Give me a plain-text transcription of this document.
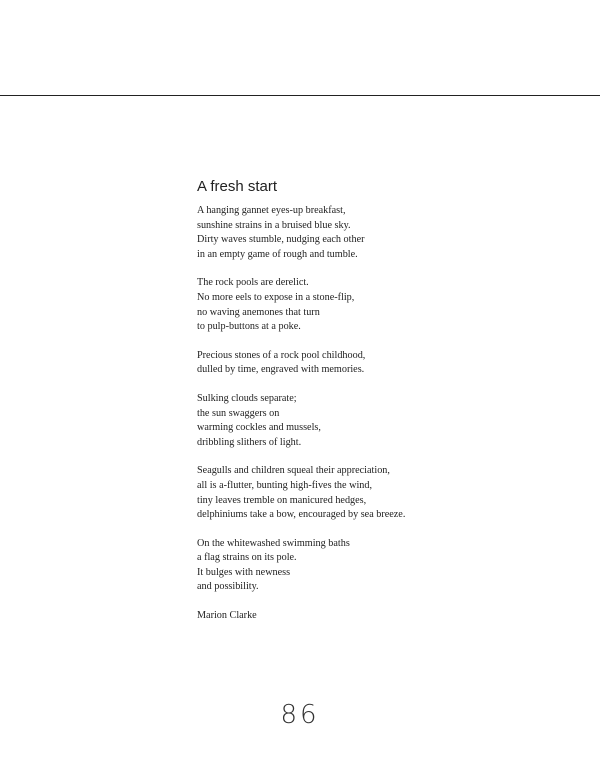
A fresh start
A hanging gannet eyes-up breakfast,
sunshine strains in a bruised blue sky.
Dirty waves stumble, nudging each other
in an empty game of rough and tumble.
The rock pools are derelict.
No more eels to expose in a stone-flip,
no waving anemones that turn
to pulp-buttons at a poke.
Precious stones of a rock pool childhood,
dulled by time, engraved with memories.
Sulking clouds separate;
the sun swaggers on
warming cockles and mussels,
dribbling slithers of light.
Seagulls and children squeal their appreciation,
all is a-flutter, bunting high-fives the wind,
tiny leaves tremble on manicured hedges,
delphiniums take a bow, encouraged by sea breeze.
On the whitewashed swimming baths
a flag strains on its pole.
It bulges with newness
and possibility.
Marion Clarke
86
